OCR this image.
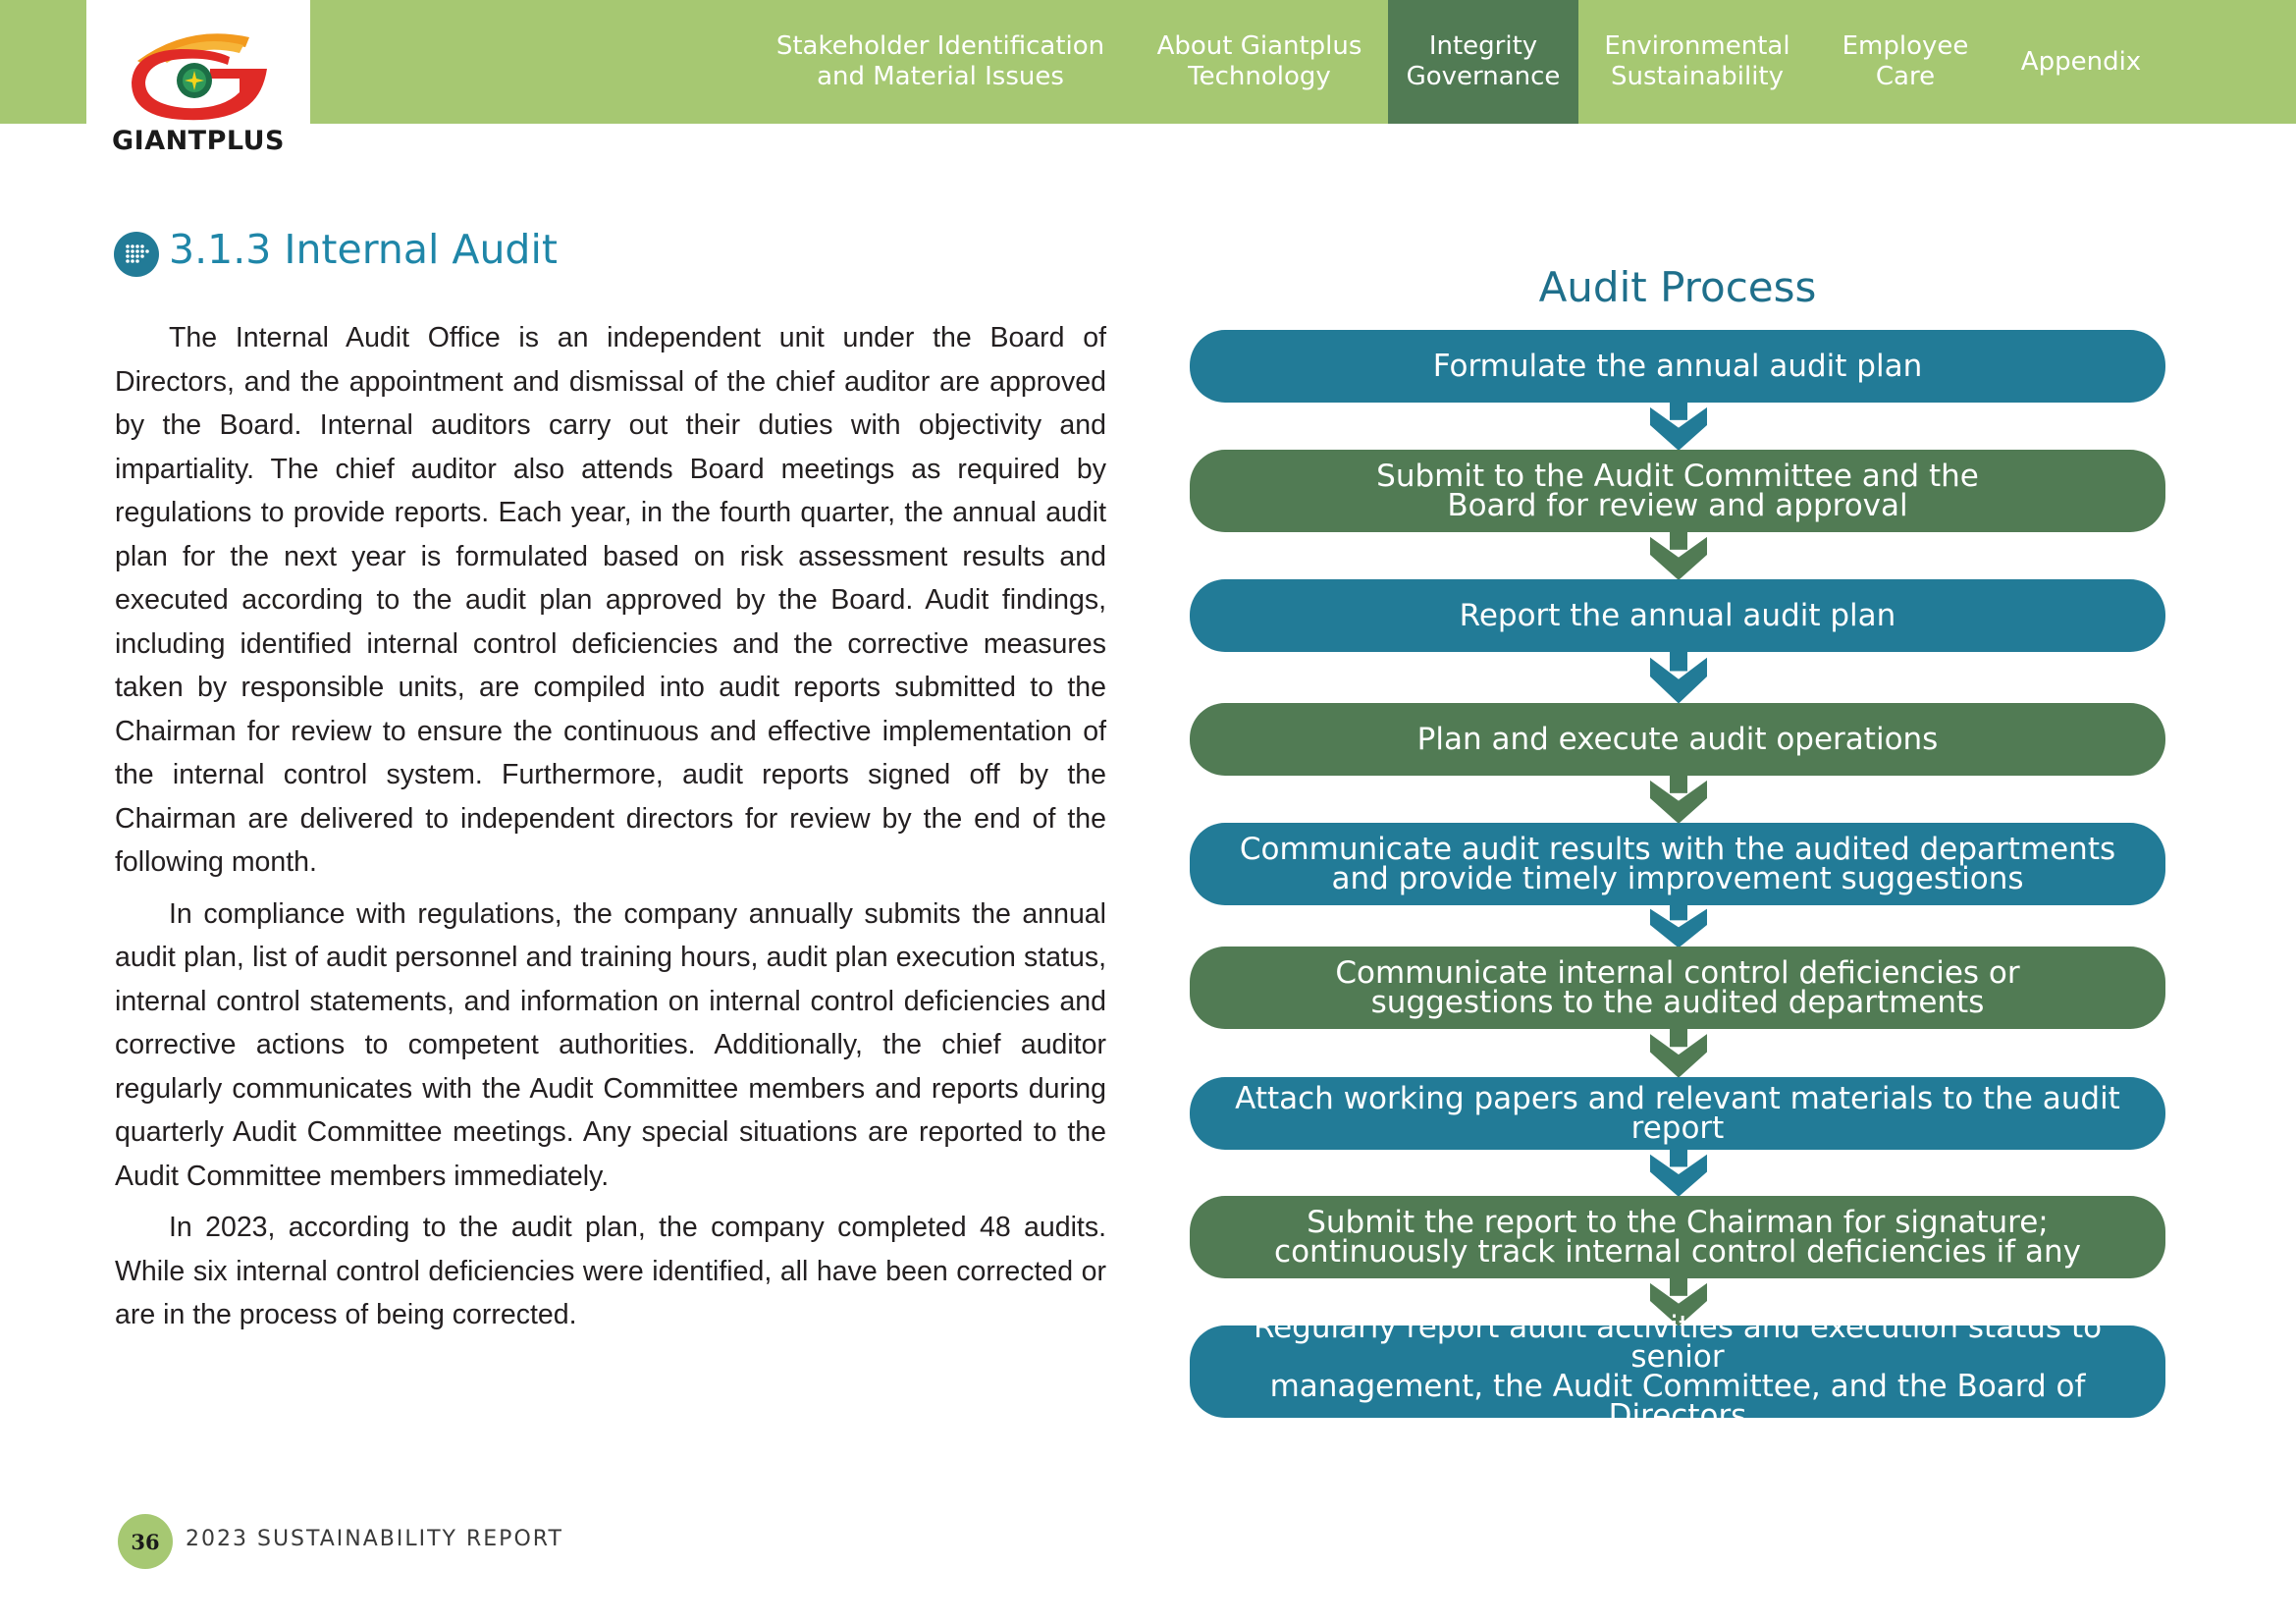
GIANTPLUS
Stakeholder Identification
and Material Issues
About Giantplus
Technology
Integrity
Governance
Environmental
Sustainability
Employee
Care
Appendix
3.1.3 Internal Audit

The Internal Audit Office is an independent unit under the Board of Directors, and the appointment and dismissal of the chief auditor are approved by the Board. Internal auditors carry out their duties with objectivity and impartiality. The chief auditor also attends Board meetings as required by regulations to provide reports. Each year, in the fourth quarter, the annual audit plan for the next year is formulated based on risk assessment results and executed according to the audit plan approved by the Board. Audit findings, including identified internal control deficiencies and the corrective measures taken by responsible units, are compiled into audit reports submitted to the Chairman for review to ensure the continuous and effective implementation of the internal control system. Furthermore, audit reports signed off by the Chairman are delivered to independent directors for review by the end of the following month.

In compliance with regulations, the company annually submits the annual audit plan, list of audit personnel and training hours, audit plan execution status, internal control statements, and information on internal control deficiencies and corrective actions to competent authorities. Additionally, the chief auditor regularly communicates with the Audit Committee members and reports during quarterly Audit Committee meetings. Any special situations are reported to the Audit Committee members immediately.

In 2023, according to the audit plan, the company completed 48 audits. While six internal control deficiencies were identified, all have been corrected or are in the process of being corrected.

Audit Process
Formulate the annual audit plan
Submit to the Audit Committee and the
Board for review and approval
Report the annual audit plan
Plan and execute audit operations
Communicate audit results with the audited departments
and provide timely improvement suggestions
Communicate internal control deficiencies or
suggestions to the audited departments
Attach working papers and relevant materials to the audit report
Submit the report to the Chairman for signature;
continuously track internal control deficiencies if any
Regularly report audit activities and execution status to senior
management, the Audit Committee, and the Board of Directors
36	2023 SUSTAINABILITY REPORT
